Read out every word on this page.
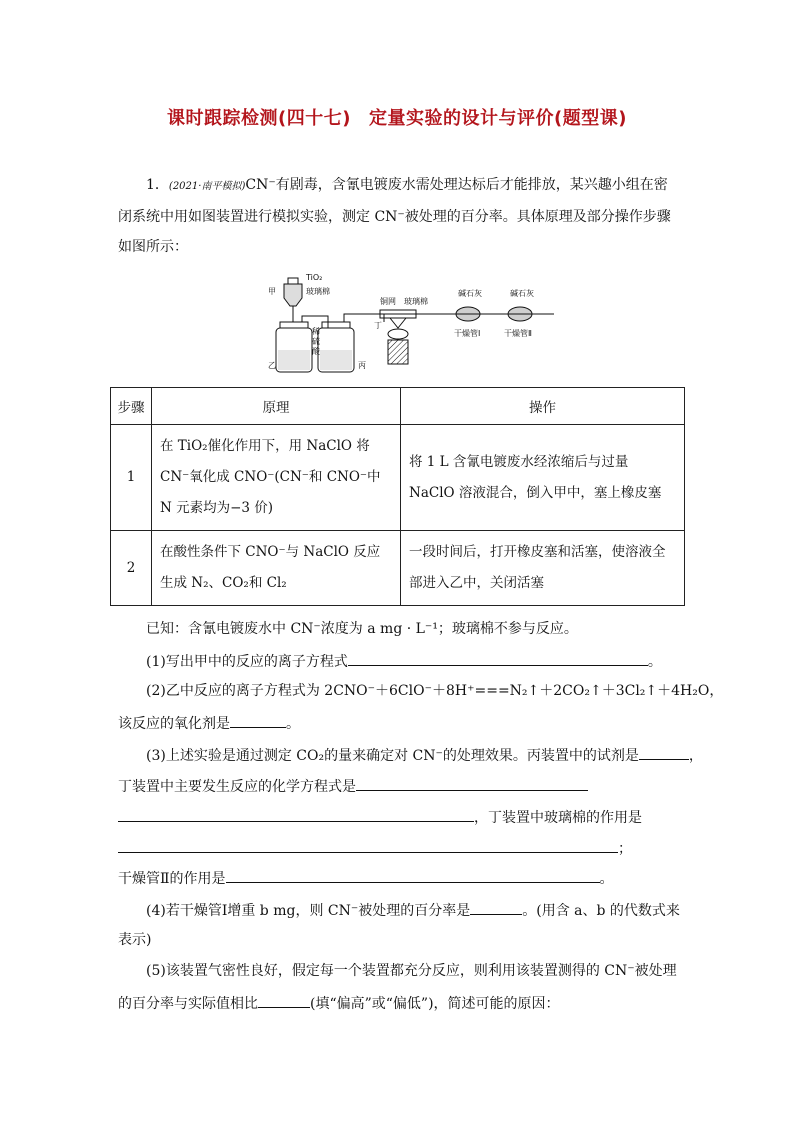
课时跟踪检测(四十七) 定量实验的设计与评价(题型课)
1．(2021·南平模拟)CN⁻有剧毒，含氰电镀废水需处理达标后才能排放，某兴趣小组在密闭系统中用如图装置进行模拟实验，测定 CN⁻被处理的百分率。具体原理及部分操作步骤如图所示：
甲
TiO₂
玻璃棉
乙
稀
硫
酸
丙
丁
铜网 玻璃棉
碱石灰
干燥管Ⅰ
碱石灰
干燥管Ⅱ
步骤	原理	操作
1	在 TiO₂催化作用下，用 NaClO 将 CN⁻氧化成 CNO⁻(CN⁻和 CNO⁻中 N 元素均为−3 价)	将 1 L 含氰电镀废水经浓缩后与过量 NaClO 溶液混合，倒入甲中，塞上橡皮塞
2	在酸性条件下 CNO⁻与 NaClO 反应生成 N₂、CO₂和 Cl₂	一段时间后，打开橡皮塞和活塞，使溶液全部进入乙中，关闭活塞
已知：含氰电镀废水中 CN⁻浓度为 a mg · L⁻¹；玻璃棉不参与反应。
(1)写出甲中的反应的离子方程式	。
(2)乙中反应的离子方程式为 2CNO⁻＋6ClO⁻＋8H⁺===N₂↑＋2CO₂↑＋3Cl₂↑＋4H₂O，
该反应的氧化剂是	。
(3)上述实验是通过测定 CO₂的量来确定对 CN⁻的处理效果。丙装置中的试剂是	，
丁装置中主要发生反应的化学方程式是
，丁装置中玻璃棉的作用是
；
干燥管Ⅱ的作用是	。
(4)若干燥管Ⅰ增重 b mg，则 CN⁻被处理的百分率是	。(用含 a、b 的代数式来
表示)
(5)该装置气密性良好，假定每一个装置都充分反应，则利用该装置测得的 CN⁻被处理
的百分率与实际值相比	(填“偏高”或“偏低”)，简述可能的原因：
